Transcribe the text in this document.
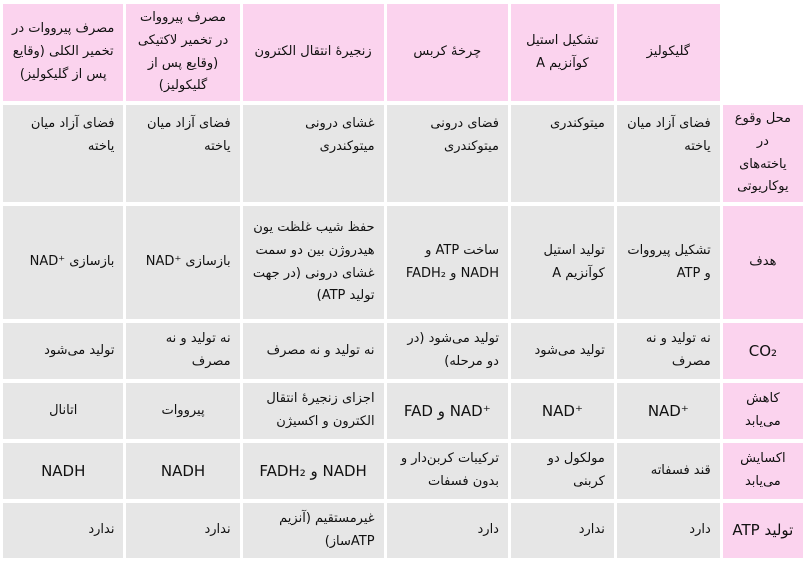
	گلیکولیز	تشکیل استیل کوآنزیم A	چرخهٔ کربس	زنجیرهٔ انتقال الکترون	مصرف پیرووات در تخمیر لاکتیکی (وقایع پس از گلیکولیز)	مصرف پیرووات در تخمیر الکلی (وقایع پس از گلیکولیز)
محل وقوع در یاخته‌های یوکاریوتی	فضای آزاد میان یاخته	میتوکندری	فضای درونی میتوکندری	غشای درونی میتوکندری	فضای آزاد میان یاخته	فضای آزاد میان یاخته
هدف	تشکیل پیرووات و ATP	تولید استیل کوآنزیم A	ساخت ATP و NADH و FADH₂	حفظ شیب غلظت یون هیدروژن بین دو سمت غشای درونی (در جهت تولید ATP)	بازسازی ⁺NAD	بازسازی ⁺NAD
CO₂	نه تولید و نه مصرف	تولید می‌شود	تولید می‌شود (در دو مرحله)	نه تولید و نه مصرف	نه تولید و نه مصرف	تولید می‌شود
کاهش می‌یابد	⁺NAD	⁺NAD	⁺NAD و FAD	اجزای زنجیرهٔ انتقال الکترون و اکسیژن	پیرووات	اتانال
اکسایش می‌یابد	قند فسفاته	مولکول دو کربنی	ترکیبات کربن‌دار و بدون فسفات	NADH و FADH₂	NADH	NADH
تولید ATP	دارد	ندارد	دارد	غیرمستقیم (آنزیم ATPساز)	ندارد	ندارد
